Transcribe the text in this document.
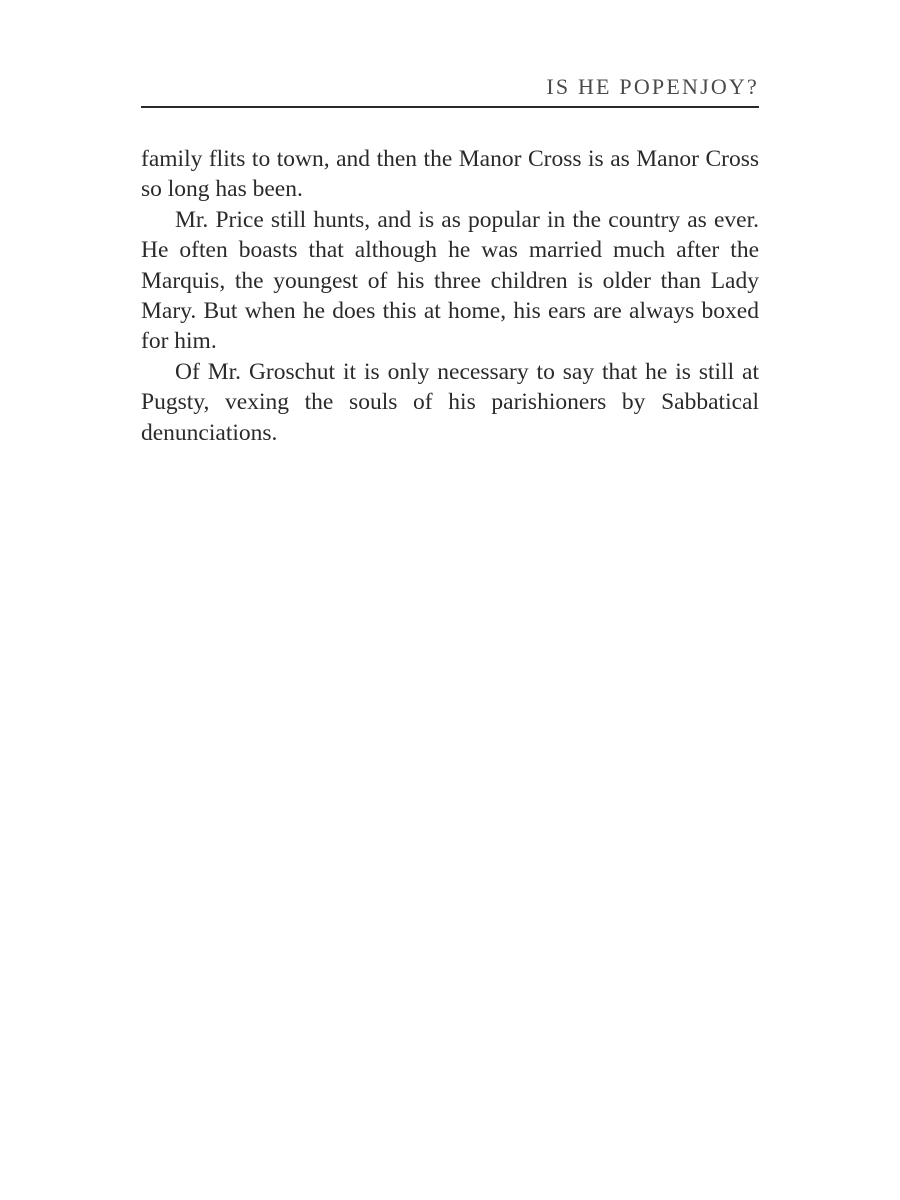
IS HE POPENJOY?

family flits to town, and then the Manor Cross is as Manor Cross so long has been.

Mr. Price still hunts, and is as popular in the country as ever. He often boasts that although he was married much after the Marquis, the youngest of his three children is older than Lady Mary. But when he does this at home, his ears are always boxed for him.

Of Mr. Groschut it is only necessary to say that he is still at Pugsty, vexing the souls of his parishioners by Sabbatical denunciations.
